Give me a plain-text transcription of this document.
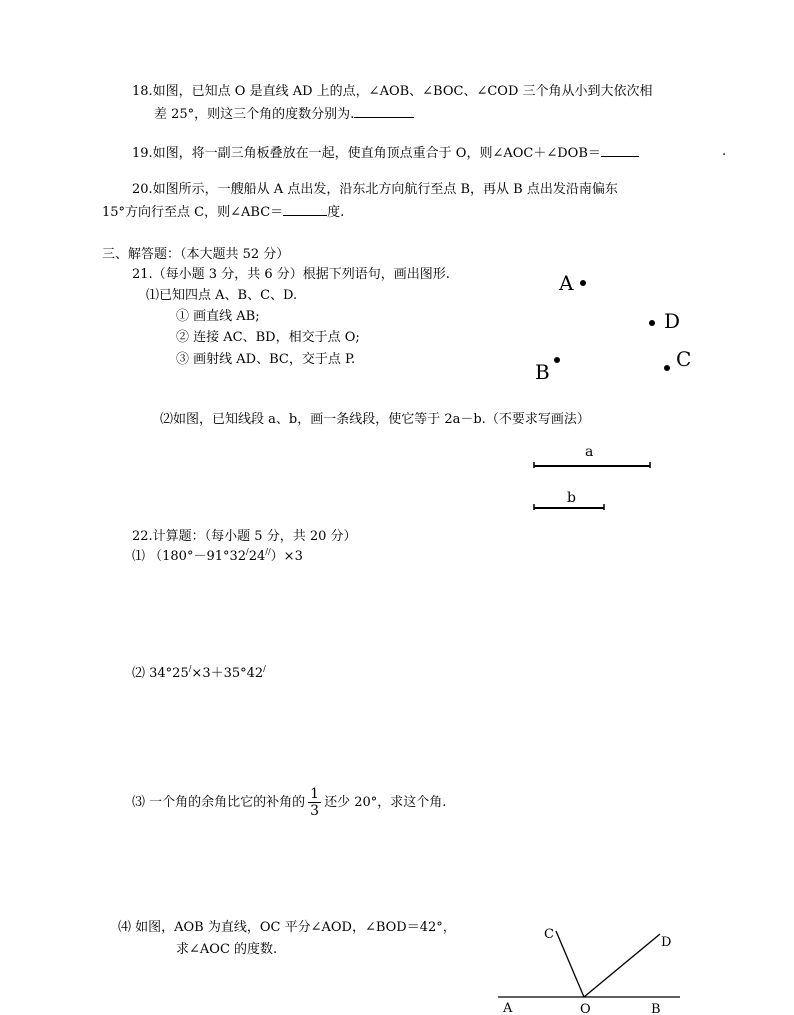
18.如图，已知点 O 是直线 AD 上的点，∠AOB、∠BOC、∠COD 三个角从小到大依次相
差 25°，则这三个角的度数分别为.
19.如图，将一副三角板叠放在一起，使直角顶点重合于 O，则∠AOC＋∠DOB＝	.
20.如图所示，一艘船从 A 点出发，沿东北方向航行至点 B，再从 B 点出发沿南偏东
15°方向行至点 C，则∠ABC＝	度.
三、解答题：（本大题共 52 分）
21.（每小题 3 分，共 6 分）根据下列语句，画出图形.
⑴已知四点 A、B、C、D.
① 画直线 AB;
② 连接 AC、BD，相交于点 O;
③ 画射线 AD、BC，交于点 P.
A
D
B
C
⑵如图，已知线段 a、b，画一条线段，使它等于 2a－b.（不要求写画法）
a
b
22.计算题：（每小题 5 分，共 20 分）
⑴ （180°－91°32/24//）×3
⑵ 34°25/×3＋35°42/
⑶ 一个角的余角比它的补角的 $\frac{1}{3}$ 还少 20°，求这个角.
⑷ 如图，AOB 为直线，OC 平分∠AOD，∠BOD＝42°，
求∠AOC 的度数.
A	O	B
C
D
